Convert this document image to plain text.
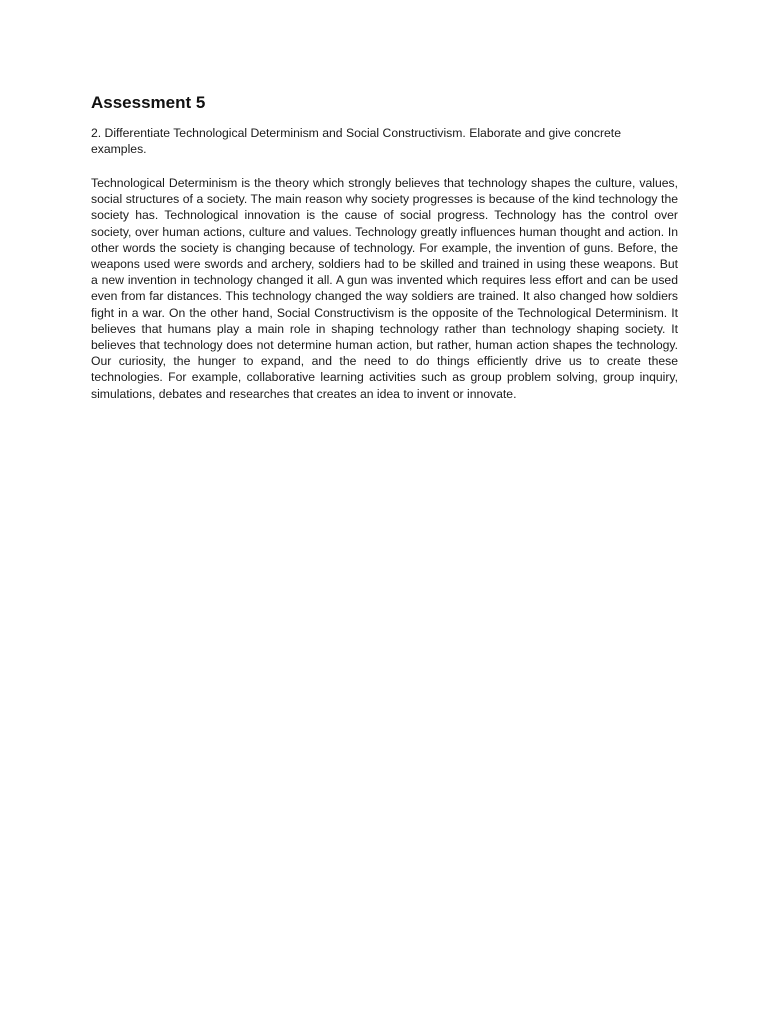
Assessment 5

2. Differentiate Technological Determinism and Social Constructivism. Elaborate and give concrete examples.

Technological Determinism is the theory which strongly believes that technology shapes the culture, values, social structures of a society. The main reason why society progresses is because of the kind technology the society has. Technological innovation is the cause of social progress. Technology has the control over society, over human actions, culture and values. Technology greatly influences human thought and action. In other words the society is changing because of technology. For example, the invention of guns. Before, the weapons used were swords and archery, soldiers had to be skilled and trained in using these weapons. But a new invention in technology changed it all. A gun was invented which requires less effort and can be used even from far distances. This technology changed the way soldiers are trained. It also changed how soldiers fight in a war. On the other hand, Social Constructivism is the opposite of the Technological Determinism. It believes that humans play a main role in shaping technology rather than technology shaping society. It believes that technology does not determine human action, but rather, human action shapes the technology. Our curiosity, the hunger to expand, and the need to do things efficiently drive us to create these technologies. For example, collaborative learning activities such as group problem solving, group inquiry, simulations, debates and researches that creates an idea to invent or innovate.
